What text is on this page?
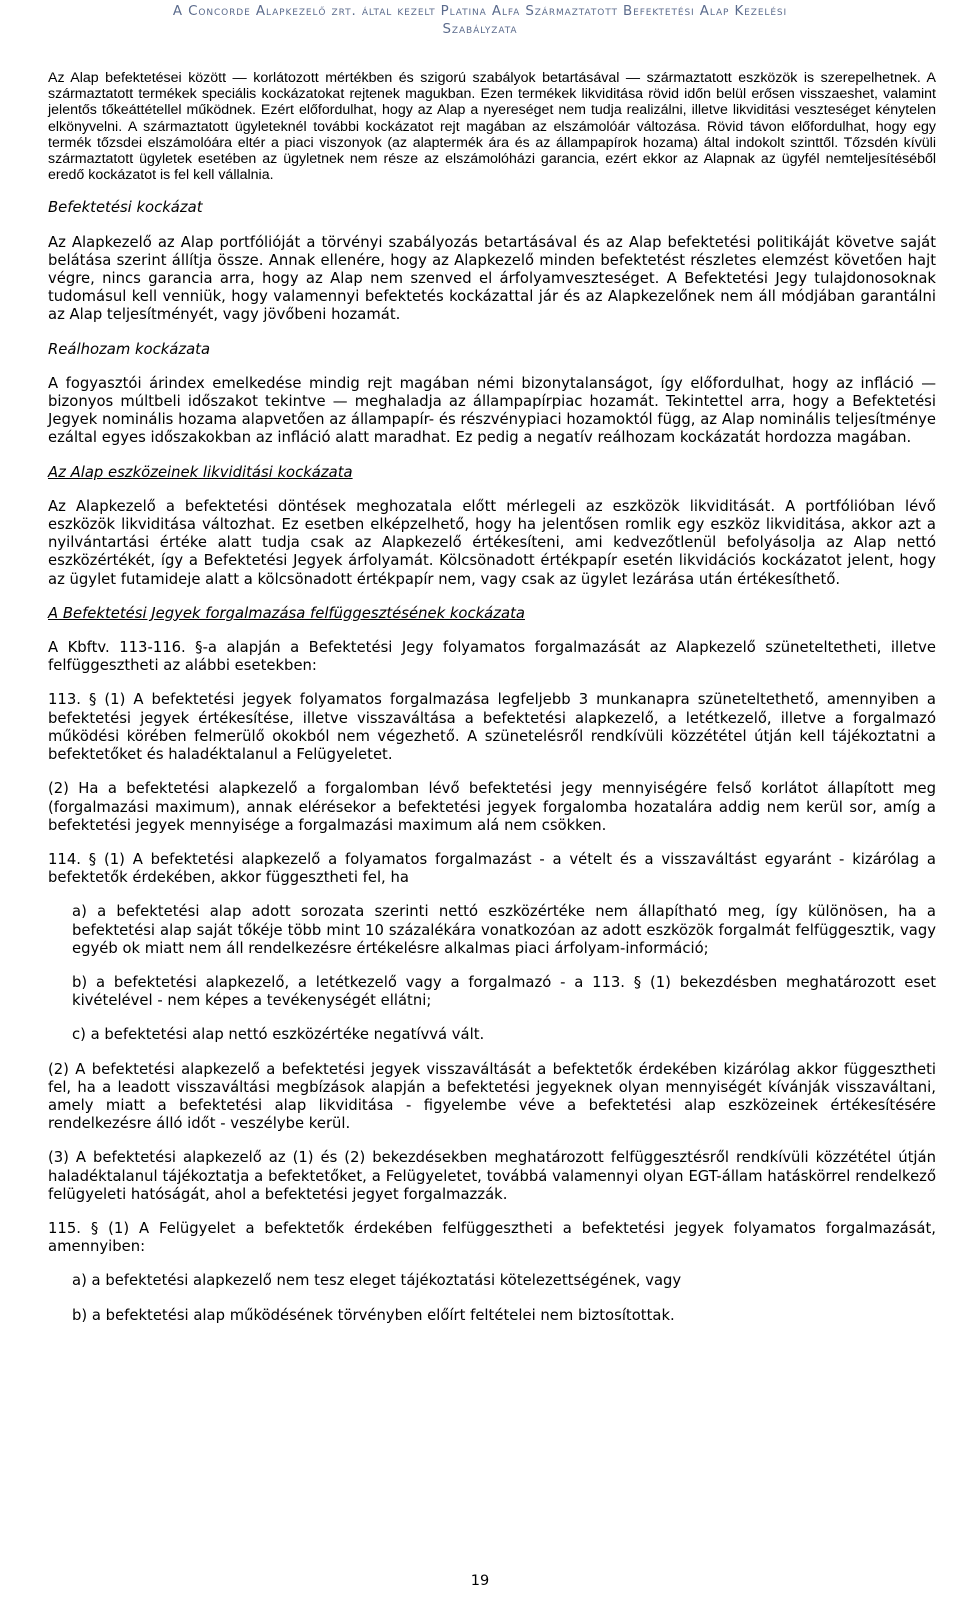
A Concorde Alapkezelő zrt. által kezelt Platina Alfa Származtatott Befektetési Alap Kezelési
Szabályzata

Az Alap befektetései között — korlátozott mértékben és szigorú szabályok betartásával — származtatott eszközök is szerepelhetnek. A származtatott termékek speciális kockázatokat rejtenek magukban. Ezen termékek likviditása rövid időn belül erősen visszaeshet, valamint jelentős tőkeáttétellel működnek. Ezért előfordulhat, hogy az Alap a nyereséget nem tudja realizálni, illetve likviditási veszteséget kénytelen elkönyvelni. A származtatott ügyleteknél további kockázatot rejt magában az elszámolóár változása. Rövid távon előfordulhat, hogy egy termék tőzsdei elszámolóára eltér a piaci viszonyok (az alaptermék ára és az állampapírok hozama) által indokolt szinttől. Tőzsdén kívüli származtatott ügyletek esetében az ügyletnek nem része az elszámolóházi garancia, ezért ekkor az Alapnak az ügyfél nemteljesítéséből eredő kockázatot is fel kell vállalnia.

Befektetési kockázat

Az Alapkezelő az Alap portfólióját a törvényi szabályozás betartásával és az Alap befektetési politikáját követve saját belátása szerint állítja össze. Annak ellenére, hogy az Alapkezelő minden befektetést részletes elemzést követően hajt végre, nincs garancia arra, hogy az Alap nem szenved el árfolyamveszteséget. A Befektetési Jegy tulajdonosoknak tudomásul kell venniük, hogy valamennyi befektetés kockázattal jár és az Alapkezelőnek nem áll módjában garantálni az Alap teljesítményét, vagy jövőbeni hozamát.

Reálhozam kockázata

A fogyasztói árindex emelkedése mindig rejt magában némi bizonytalanságot, így előfordulhat, hogy az infláció — bizonyos múltbeli időszakot tekintve — meghaladja az állampapírpiac hozamát. Tekintettel arra, hogy a Befektetési Jegyek nominális hozama alapvetően az állampapír- és részvénypiaci hozamoktól függ, az Alap nominális teljesítménye ezáltal egyes időszakokban az infláció alatt maradhat. Ez pedig a negatív reálhozam kockázatát hordozza magában.

Az Alap eszközeinek likviditási kockázata

Az Alapkezelő a befektetési döntések meghozatala előtt mérlegeli az eszközök likviditását. A portfólióban lévő eszközök likviditása változhat. Ez esetben elképzelhető, hogy ha jelentősen romlik egy eszköz likviditása, akkor azt a nyilvántartási értéke alatt tudja csak az Alapkezelő értékesíteni, ami kedvezőtlenül befolyásolja az Alap nettó eszközértékét, így a Befektetési Jegyek árfolyamát. Kölcsönadott értékpapír esetén likvidációs kockázatot jelent, hogy az ügylet futamideje alatt a kölcsönadott értékpapír nem, vagy csak az ügylet lezárása után értékesíthető.

A Befektetési Jegyek forgalmazása felfüggesztésének kockázata

A Kbftv. 113-116. §-a alapján a Befektetési Jegy folyamatos forgalmazását az Alapkezelő szüneteltetheti, illetve felfüggesztheti az alábbi esetekben:

113. § (1) A befektetési jegyek folyamatos forgalmazása legfeljebb 3 munkanapra szüneteltethető, amennyiben a befektetési jegyek értékesítése, illetve visszaváltása a befektetési alapkezelő, a letétkezelő, illetve a forgalmazó működési körében felmerülő okokból nem végezhető. A szünetelésről rendkívüli közzététel útján kell tájékoztatni a befektetőket és haladéktalanul a Felügyeletet.

(2) Ha a befektetési alapkezelő a forgalomban lévő befektetési jegy mennyiségére felső korlátot állapított meg (forgalmazási maximum), annak elérésekor a befektetési jegyek forgalomba hozatalára addig nem kerül sor, amíg a befektetési jegyek mennyisége a forgalmazási maximum alá nem csökken.

114. § (1) A befektetési alapkezelő a folyamatos forgalmazást - a vételt és a visszaváltást egyaránt - kizárólag a befektetők érdekében, akkor függesztheti fel, ha

a) a befektetési alap adott sorozata szerinti nettó eszközértéke nem állapítható meg, így különösen, ha a befektetési alap saját tőkéje több mint 10 százalékára vonatkozóan az adott eszközök forgalmát felfüggesztik, vagy egyéb ok miatt nem áll rendelkezésre értékelésre alkalmas piaci árfolyam-információ;

b) a befektetési alapkezelő, a letétkezelő vagy a forgalmazó - a 113. § (1) bekezdésben meghatározott eset kivételével - nem képes a tevékenységét ellátni;

c) a befektetési alap nettó eszközértéke negatívvá vált.

(2) A befektetési alapkezelő a befektetési jegyek visszaváltását a befektetők érdekében kizárólag akkor függesztheti fel, ha a leadott visszaváltási megbízások alapján a befektetési jegyeknek olyan mennyiségét kívánják visszaváltani, amely miatt a befektetési alap likviditása - figyelembe véve a befektetési alap eszközeinek értékesítésére rendelkezésre álló időt - veszélybe kerül.

(3) A befektetési alapkezelő az (1) és (2) bekezdésekben meghatározott felfüggesztésről rendkívüli közzététel útján haladéktalanul tájékoztatja a befektetőket, a Felügyeletet, továbbá valamennyi olyan EGT-állam hatáskörrel rendelkező felügyeleti hatóságát, ahol a befektetési jegyet forgalmazzák.

115. § (1) A Felügyelet a befektetők érdekében felfüggesztheti a befektetési jegyek folyamatos forgalmazását, amennyiben:

a) a befektetési alapkezelő nem tesz eleget tájékoztatási kötelezettségének, vagy

b) a befektetési alap működésének törvényben előírt feltételei nem biztosítottak.

19
